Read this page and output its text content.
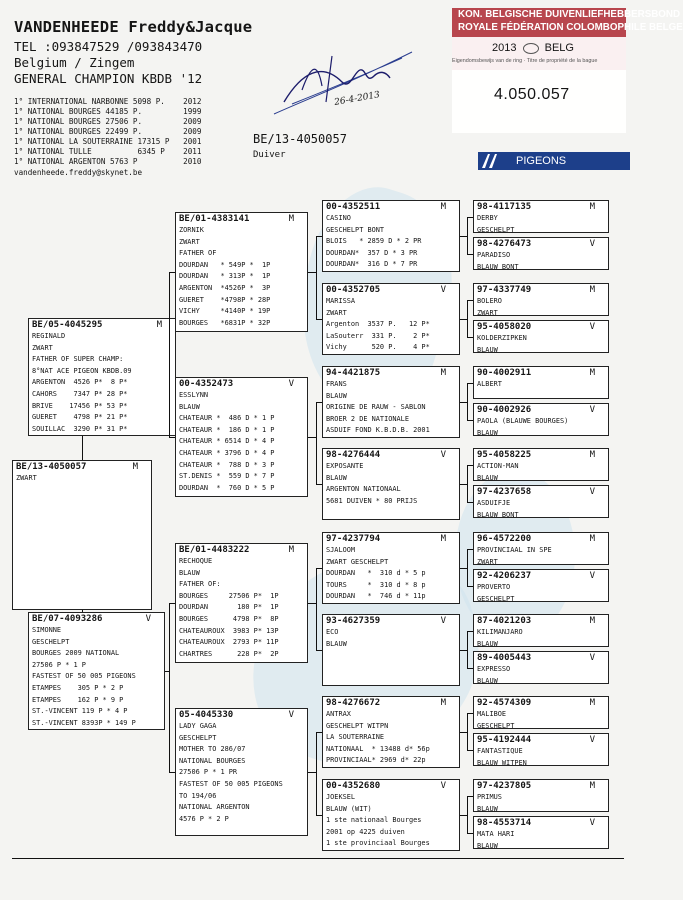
VANDENHEEDE Freddy&Jacque
TEL :093847529 /093843470
Belgium / Zingem
GENERAL CHAMPION KBDB '12
1° INTERNATIONAL NARBONNE 5098 P.    2012
1° NATIONAL BOURGES 44185 P.         1999
1° NATIONAL BOURGES 27506 P.         2009
1° NATIONAL BOURGES 22499 P.         2009
1° NATIONAL LA SOUTERRAINE 17315 P   2001
1° NATIONAL TULLE          6345 P    2011
1° NATIONAL ARGENTON 5763 P          2010
vandenheede.freddy@skynet.be
KON. BELGISCHE DUIVENLIEFHEBBERSBOND
ROYALE FÉDÉRATION COLOMBOPHILE BELGE
2013	BELG
Eigendomsbewijs van de ring · Titre de propriété de la bague
4.050.057
PIGEONS
26-4-2013
BE/13-4050057
Duiver
BE/13-4050057	M
ZWART
BE/05-4045295	M
REGINALD
ZWART
FATHER OF SUPER CHAMP:
8°NAT ACE PIGEON KBDB.09
ARGENTON  4526 P*  8 P*
CAHORS    7347 P* 28 P*
BRIVE    17456 P* 53 P*
GUERET    4798 P* 21 P*
SOUILLAC  3290 P* 31 P*
BE/07-4093286	V
SIMONNE
GESCHELPT
BOURGES 2009 NATIONAL
27506 P * 1 P
FASTEST OF 50 005 PIGEONS
ETAMPES    305 P * 2 P
ETAMPES    162 P * 9 P
ST.-VINCENT 119 P * 4 P
ST.-VINCENT 8393P * 149 P
BE/01-4383141	M
ZORNIK
ZWART
FATHER OF
DOURDAN   * 549P *  1P
DOURDAN   * 313P *  1P
ARGENTON  *4526P *  3P
GUERET    *4798P * 28P
VICHY     *4140P * 19P
BOURGES   *6831P * 32P
00-4352473	V
ESSLYNN
BLAUW
CHATEAUR *  486 D * 1 P
CHATEAUR *  186 D * 1 P
CHATEAUR * 6514 D * 4 P
CHATEAUR * 3796 D * 4 P
CHATEAUR *  788 D * 3 P
ST.DENIS *  559 D * 7 P
DOURDAN  *  760 D * 5 P
BE/01-4483222	M
RECHOQUE
BLAUW
FATHER OF:
BOURGES     27506 P*  1P
DOURDAN       180 P*  1P
BOURGES      4798 P*  8P
CHATEAUROUX  3983 P* 13P
CHATEAUROUX  2793 P* 11P
CHARTRES      228 P*  2P
05-4045330	V
LADY GAGA
GESCHELPT
MOTHER TO 286/07
NATIONAL BOURGES
27506 P * 1 PR
FASTEST OF 50 005 PIGEONS
TO 194/06
NATIONAL ARGENTON
4576 P * 2 P
00-4352511	M
CASINO
GESCHELPT BONT
BLOIS   * 2859 D * 2 PR
DOURDAN*  357 D * 3 PR
DOURDAN*  316 D * 7 PR
00-4352705	V
MARISSA
ZWART
Argenton  3537 P.   12 P*
LaSouterr  331 P.    2 P*
Vichy      520 P.    4 P*
94-4421875	M
FRANS
BLAUW
ORIGINE DE RAUW - SABLON
BROER 2 DE NATIONALE
ASDUIF FOND K.B.D.B. 2001
98-4276444	V
EXPOSANTE
BLAUW
ARGENTON NATIONAAL
5681 DUIVEN * 80 PRIJS
97-4237794	M
SJALOOM
ZWART GESCHELPT
DOURDAN   *  310 d * 5 p
TOURS     *  310 d * 8 p
DOURDAN   *  746 d * 11p
93-4627359	V
ECO
BLAUW
98-4276672	M
ANTRAX
GESCHELPT WITPN
LA SOUTERRAINE
NATIONAAL  * 13488 d* 56p
PROVINCIAAL* 2969 d* 22p
00-4352680	V
JOEKSEL
BLAUW (WIT)
1 ste nationaal Bourges
2001 op 4225 duiven
1 ste provinciaal Bourges
98-4117135	M
DERBY
GESCHELPT
98-4276473	V
PARADISO
BLAUW BONT
97-4337749	M
BOLERO
ZWART
95-4058020	V
KOLDERZIPKEN
BLAUW
90-4002911	M
ALBERT
90-4002926	V
PAOLA (BLAUWE BOURGES)
BLAUW
95-4058225	M
ACTION-MAN
BLAUW
97-4237658	V
ASDUIFJE
BLAUW BONT
96-4572200	M
PROVINCIAAL IN SPE
ZWART
92-4206237	V
PROVERTO
GESCHELPT
87-4021203	M
KILIMANJARO
BLAUW
89-4005443	V
EXPRESSO
BLAUW
92-4574309	M
MALIBOE
GESCHELPT
95-4192444	V
FANTASTIQUE
BLAUW WITPEN
97-4237805	M
PRIMUS
BLAUW
98-4553714	V
MATA HARI
BLAUW
